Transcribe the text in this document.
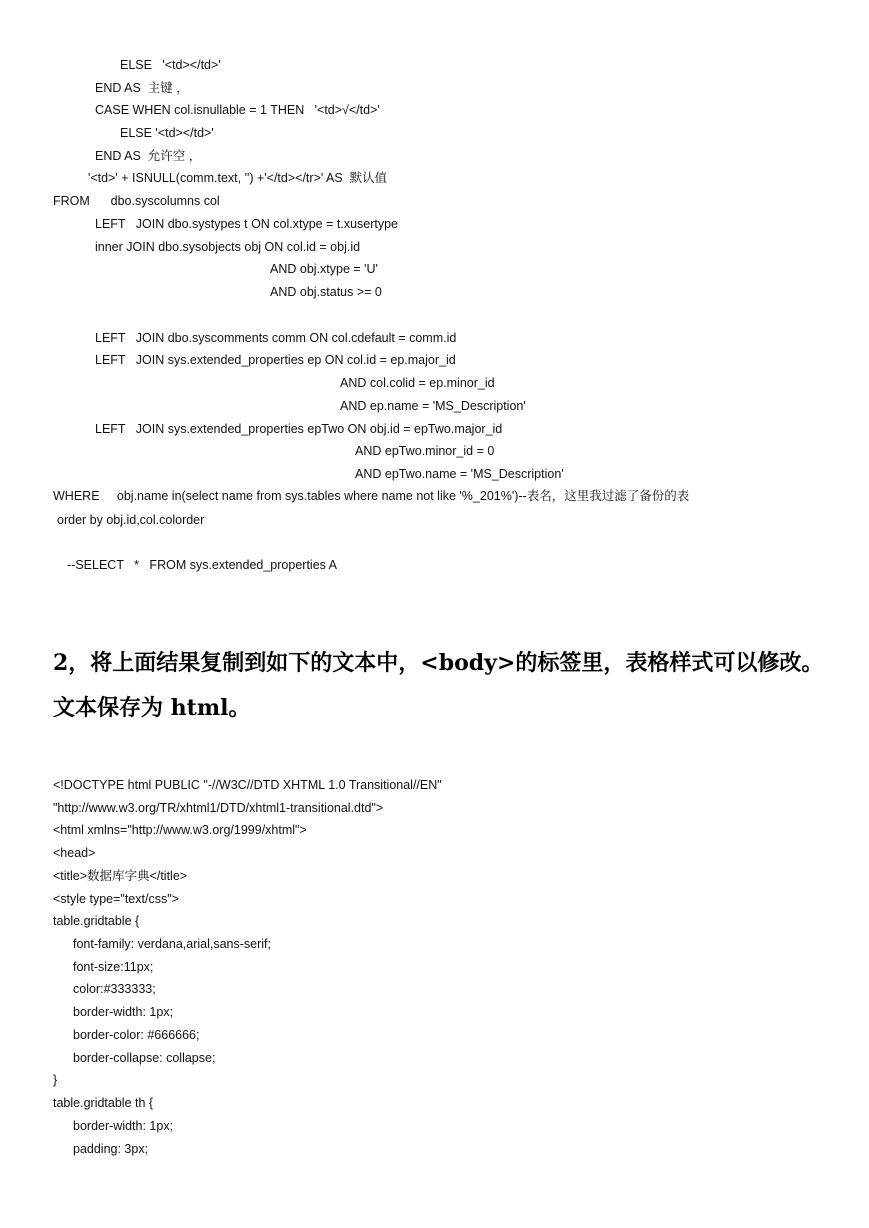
ELSE   '<td></td>'
END AS  主键 ，
CASE WHEN col.isnullable = 1 THEN   '<td>√</td>'
ELSE '<td></td>'
END AS  允许空 ，
'<td>' + ISNULL(comm.text, '') +'</td></tr>' AS  默认值
FROM      dbo.syscolumns col
LEFT   JOIN dbo.systypes t ON col.xtype = t.xusertype
inner JOIN dbo.sysobjects obj ON col.id = obj.id
AND obj.xtype = 'U'
AND obj.status >= 0
LEFT   JOIN dbo.syscomments comm ON col.cdefault = comm.id
LEFT   JOIN sys.extended_properties ep ON col.id = ep.major_id
AND col.colid = ep.minor_id
AND ep.name = 'MS_Description'
LEFT   JOIN sys.extended_properties epTwo ON obj.id = epTwo.major_id
AND epTwo.minor_id = 0
AND epTwo.name = 'MS_Description'
WHERE     obj.name in(select name from sys.tables where name not like '%_201%')--表名，这里我过滤了备份的表
order by obj.id,col.colorder
--SELECT   *   FROM sys.extended_properties A
2，将上面结果复制到如下的文本中，<body>的标签里，表格样式可以修改。
文本保存为 html。
<!DOCTYPE html PUBLIC "-//W3C//DTD XHTML 1.0 Transitional//EN"
"http://www.w3.org/TR/xhtml1/DTD/xhtml1-transitional.dtd">
<html xmlns="http://www.w3.org/1999/xhtml">
<head>
<title>数据库字典</title>
<style type="text/css">
table.gridtable {
font-family: verdana,arial,sans-serif;
font-size:11px;
color:#333333;
border-width: 1px;
border-color: #666666;
border-collapse: collapse;
}
table.gridtable th {
border-width: 1px;
padding: 3px;
